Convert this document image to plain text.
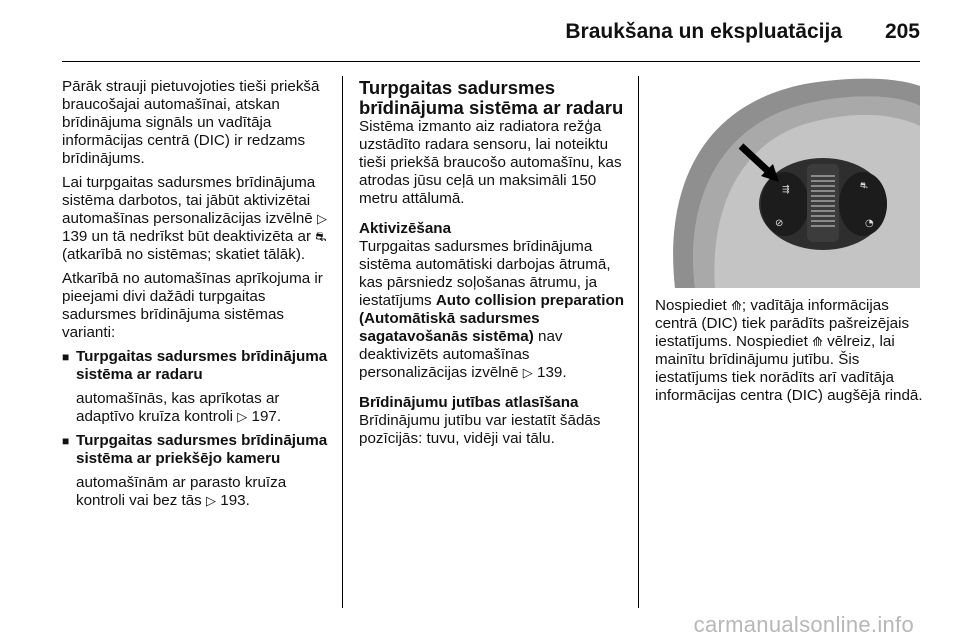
Braukšana un ekspluatācija 205

Pārāk strauji pietuvojoties tieši priekšā braucošajai automašīnai, atskan brīdinājuma signāls un vadītāja informācijas centrā (DIC) ir redzams brīdinājums.

Lai turpgaitas sadursmes brīdinājuma sistēma darbotos, tai jābūt aktivizētai automašīnas personalizācijas izvēlnē ▷ 139 un tā nedrīkst būt deaktivizēta ar ⛐ (atkarībā no sistēmas; skatiet tālāk).

Atkarībā no automašīnas aprīkojuma ir pieejami divi dažādi turpgaitas sadursmes brīdinājuma sistēmas varianti:

■ Turpgaitas sadursmes brīdinājuma sistēma ar radaru

automašīnās, kas aprīkotas ar adaptīvo kruīza kontroli ▷ 197.

■ Turpgaitas sadursmes brīdinājuma sistēma ar priekšējo kameru

automašīnām ar parasto kruīza kontroli vai bez tās ▷ 193.

Turpgaitas sadursmes brīdinājuma sistēma ar radaru

Sistēma izmanto aiz radiatora režģa uzstādīto radara sensoru, lai noteiktu tieši priekšā braucošo automašīnu, kas atrodas jūsu ceļā un maksimāli 150 metru attālumā.

Aktivizēšana

Turpgaitas sadursmes brīdinājuma sistēma automātiski darbojas ātrumā, kas pārsniedz soļošanas ātrumu, ja iestatījums Auto collision preparation (Automātiskā sadursmes sagatavošanās sistēma) nav deaktivizēts automašīnas personalizācijas izvēlnē ▷ 139.

Brīdinājumu jutības atlasīšana

Brīdinājumu jutību var iestatīt šādās pozīcijās: tuvu, vidēji vai tālu.

⇶
⊘
⛐
◔

Nospiediet ⟰; vadītāja informācijas centrā (DIC) tiek parādīts pašreizējais iestatījums. Nospiediet ⟰ vēlreiz, lai mainītu brīdinājumu jutību. Šis iestatījums tiek norādīts arī vadītāja informācijas centra (DIC) augšējā rindā.

carmanualsonline.info
